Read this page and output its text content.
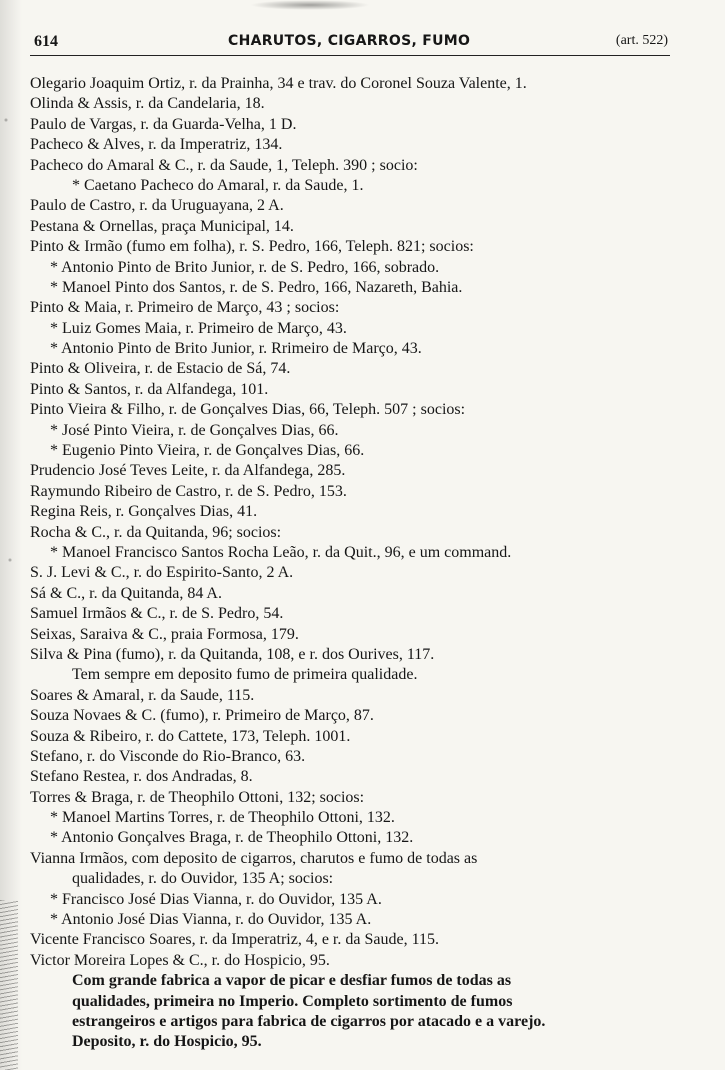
614	CHARUTOS, CIGARROS, FUMO	(art. 522)
Olegario Joaquim Ortiz, r. da Prainha, 34 e trav. do Coronel Souza Valente, 1.
Olinda & Assis, r. da Candelaria, 18.
Paulo de Vargas, r. da Guarda-Velha, 1 D.
Pacheco & Alves, r. da Imperatriz, 134.
Pacheco do Amaral & C., r. da Saude, 1, Teleph. 390 ; socio:
* Caetano Pacheco do Amaral, r. da Saude, 1.
Paulo de Castro, r. da Uruguayana, 2 A.
Pestana & Ornellas, praça Municipal, 14.
Pinto & Irmão (fumo em folha), r. S. Pedro, 166, Teleph. 821; socios:
* Antonio Pinto de Brito Junior, r. de S. Pedro, 166, sobrado.
* Manoel Pinto dos Santos, r. de S. Pedro, 166, Nazareth, Bahia.
Pinto & Maia, r. Primeiro de Março, 43 ; socios:
* Luiz Gomes Maia, r. Primeiro de Março, 43.
* Antonio Pinto de Brito Junior, r. Rrimeiro de Março, 43.
Pinto & Oliveira, r. de Estacio de Sá, 74.
Pinto & Santos, r. da Alfandega, 101.
Pinto Vieira & Filho, r. de Gonçalves Dias, 66, Teleph. 507 ; socios:
* José Pinto Vieira, r. de Gonçalves Dias, 66.
* Eugenio Pinto Vieira, r. de Gonçalves Dias, 66.
Prudencio José Teves Leite, r. da Alfandega, 285.
Raymundo Ribeiro de Castro, r. de S. Pedro, 153.
Regina Reis, r. Gonçalves Dias, 41.
Rocha & C., r. da Quitanda, 96; socios:
* Manoel Francisco Santos Rocha Leão, r. da Quit., 96, e um command.
S. J. Levi & C., r. do Espirito-Santo, 2 A.
Sá & C., r. da Quitanda, 84 A.
Samuel Irmãos & C., r. de S. Pedro, 54.
Seixas, Saraiva & C., praia Formosa, 179.
Silva & Pina (fumo), r. da Quitanda, 108, e r. dos Ourives, 117.
Tem sempre em deposito fumo de primeira qualidade.
Soares & Amaral, r. da Saude, 115.
Souza Novaes & C. (fumo), r. Primeiro de Março, 87.
Souza & Ribeiro, r. do Cattete, 173, Teleph. 1001.
Stefano, r. do Visconde do Rio-Branco, 63.
Stefano Restea, r. dos Andradas, 8.
Torres & Braga, r. de Theophilo Ottoni, 132; socios:
* Manoel Martins Torres, r. de Theophilo Ottoni, 132.
* Antonio Gonçalves Braga, r. de Theophilo Ottoni, 132.
Vianna Irmãos, com deposito de cigarros, charutos e fumo de todas as
qualidades, r. do Ouvidor, 135 A; socios:
* Francisco José Dias Vianna, r. do Ouvidor, 135 A.
* Antonio José Dias Vianna, r. do Ouvidor, 135 A.
Vicente Francisco Soares, r. da Imperatriz, 4, e r. da Saude, 115.
Victor Moreira Lopes & C., r. do Hospicio, 95.
Com grande fabrica a vapor de picar e desfiar fumos de todas as
qualidades, primeira no Imperio. Completo sortimento de fumos
estrangeiros e artigos para fabrica de cigarros por atacado e a varejo.
Deposito, r. do Hospicio, 95.
